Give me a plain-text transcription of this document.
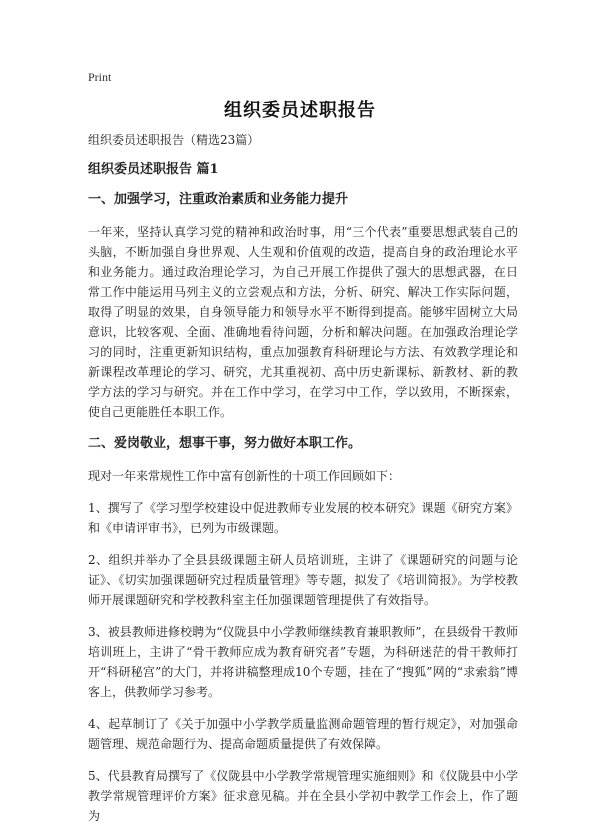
Print
组织委员述职报告

组织委员述职报告（精选23篇）

组织委员述职报告 篇1

一、加强学习，注重政治素质和业务能力提升

一年来，坚持认真学习党的精神和政治时事，用“三个代表”重要思想武装自己的头脑，不断加强自身世界观、人生观和价值观的改造，提高自身的政治理论水平和业务能力。通过政治理论学习，为自己开展工作提供了强大的思想武器，在日常工作中能运用马列主义的立尝观点和方法，分析、研究、解决工作实际问题，取得了明显的效果，自身领导能力和领导水平不断得到提高。能够牢固树立大局意识，比较客观、全面、准确地看待问题，分析和解决问题。在加强政治理论学习的同时，注重更新知识结构，重点加强教育科研理论与方法、有效教学理论和新课程改革理论的学习、研究，尤其重视初、高中历史新课标、新教材、新的教学方法的学习与研究。并在工作中学习，在学习中工作，学以致用，不断探索，使自己更能胜任本职工作。

二、爱岗敬业，想事干事，努力做好本职工作。

现对一年来常规性工作中富有创新性的十项工作回顾如下：

1、撰写了《学习型学校建设中促进教师专业发展的校本研究》课题《研究方案》和《申请评审书》，已列为市级课题。

2、组织并举办了全县县级课题主研人员培训班，主讲了《课题研究的问题与论证》、《切实加强课题研究过程质量管理》等专题，拟发了《培训简报》。为学校教师开展课题研究和学校教科室主任加强课题管理提供了有效指导。

3、被县教师进修校聘为“仪陇县中小学教师继续教育兼职教师”，在县级骨干教师培训班上，主讲了“骨干教师应成为教育研究者”专题，为科研迷茫的骨干教师打开“科研秘宫”的大门，并将讲稿整理成10个专题，挂在了“搜狐”网的“求索翁”博客上，供教师学习参考。

4、起草制订了《关于加强中小学教学质量监测命题管理的暂行规定》，对加强命题管理、规范命题行为、提高命题质量提供了有效保障。

5、代县教育局撰写了《仪陇县中小学教学常规管理实施细则》和《仪陇县中小学教学常规管理评价方案》征求意见稿。并在全县小学初中教学工作会上，作了题为
